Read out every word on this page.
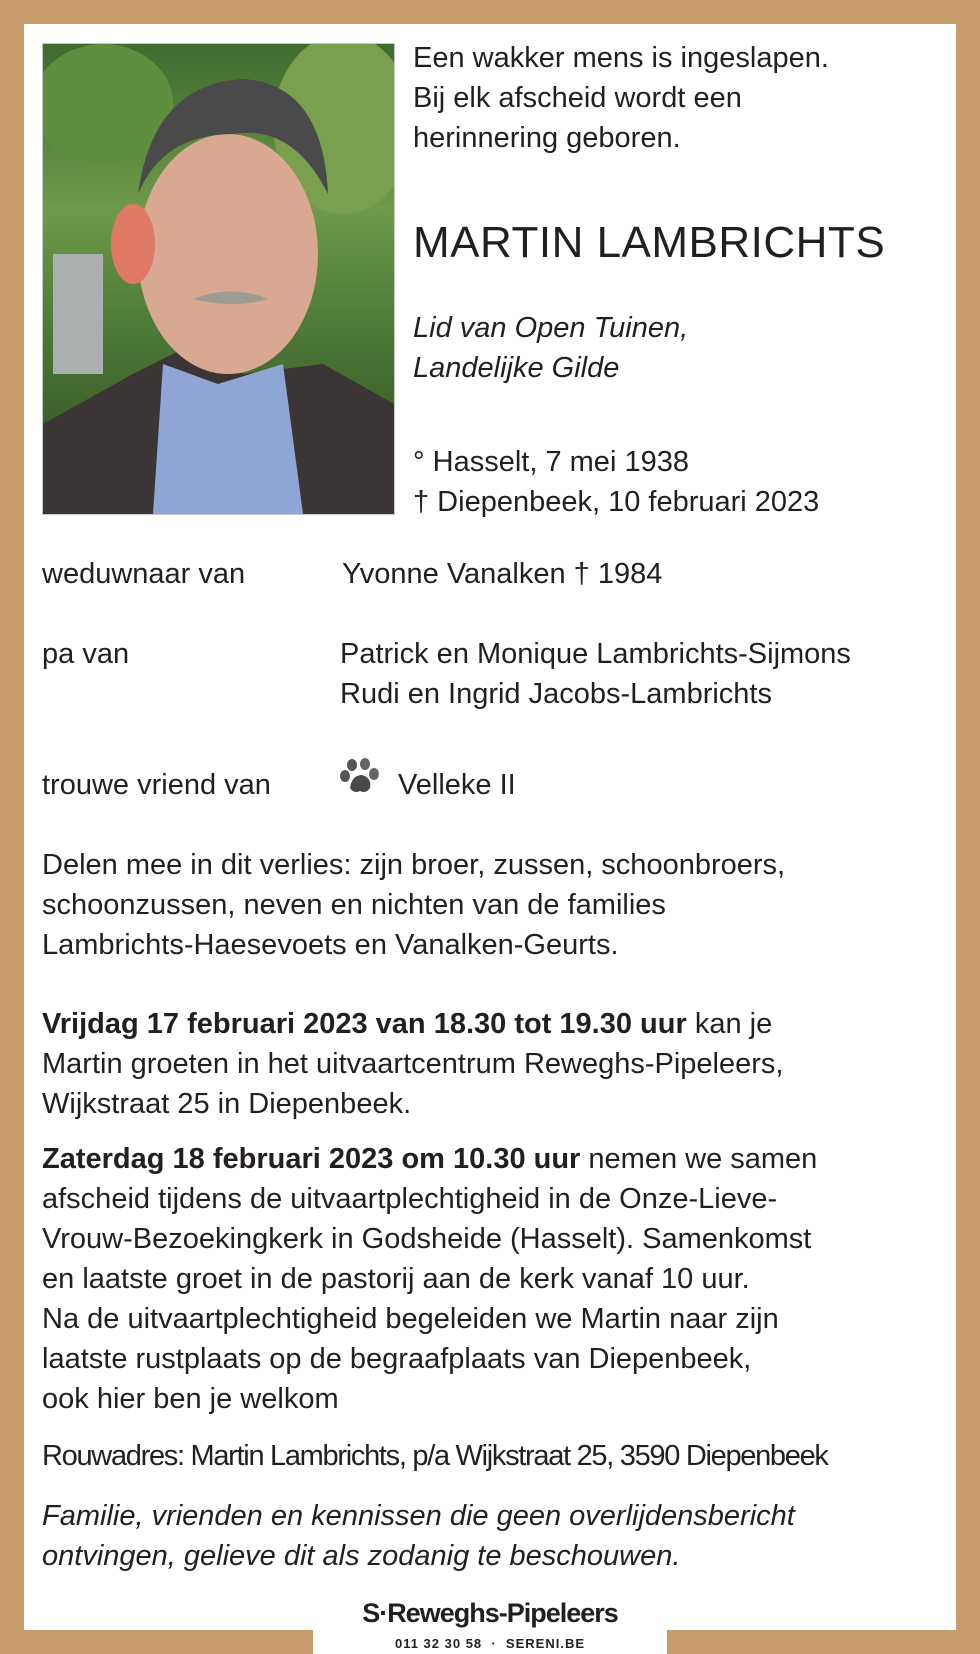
Een wakker mens is ingeslapen.
Bij elk afscheid wordt een
herinnering geboren.
MARTIN LAMBRICHTS
Lid van Open Tuinen,
Landelijke Gilde
° Hasselt, 7 mei 1938
† Diepenbeek, 10 februari 2023
weduwnaar van	Yvonne Vanalken † 1984
pa van	Patrick en Monique Lambrichts-Sijmons
Rudi en Ingrid Jacobs-Lambrichts
trouwe vriend van	Velleke II
Delen mee in dit verlies: zijn broer, zussen, schoonbroers,
schoonzussen, neven en nichten van de families
Lambrichts-Haesevoets en Vanalken-Geurts.
Vrijdag 17 februari 2023 van 18.30 tot 19.30 uur kan je
Martin groeten in het uitvaartcentrum Reweghs-Pipeleers,
Wijkstraat 25 in Diepenbeek.
Zaterdag 18 februari 2023 om 10.30 uur nemen we samen
afscheid tijdens de uitvaartplechtigheid in de Onze-Lieve-
Vrouw-Bezoekingkerk in Godsheide (Hasselt). Samenkomst
en laatste groet in de pastorij aan de kerk vanaf 10 uur.
Na de uitvaartplechtigheid begeleiden we Martin naar zijn
laatste rustplaats op de begraafplaats van Diepenbeek,
ook hier ben je welkom
Rouwadres: Martin Lambrichts, p/a Wijkstraat 25, 3590 Diepenbeek
Familie, vrienden en kennissen die geen overlijdensbericht
ontvingen, gelieve dit als zodanig te beschouwen.
S·Reweghs-Pipeleers
011 32 30 58  ·  SERENI.BE
